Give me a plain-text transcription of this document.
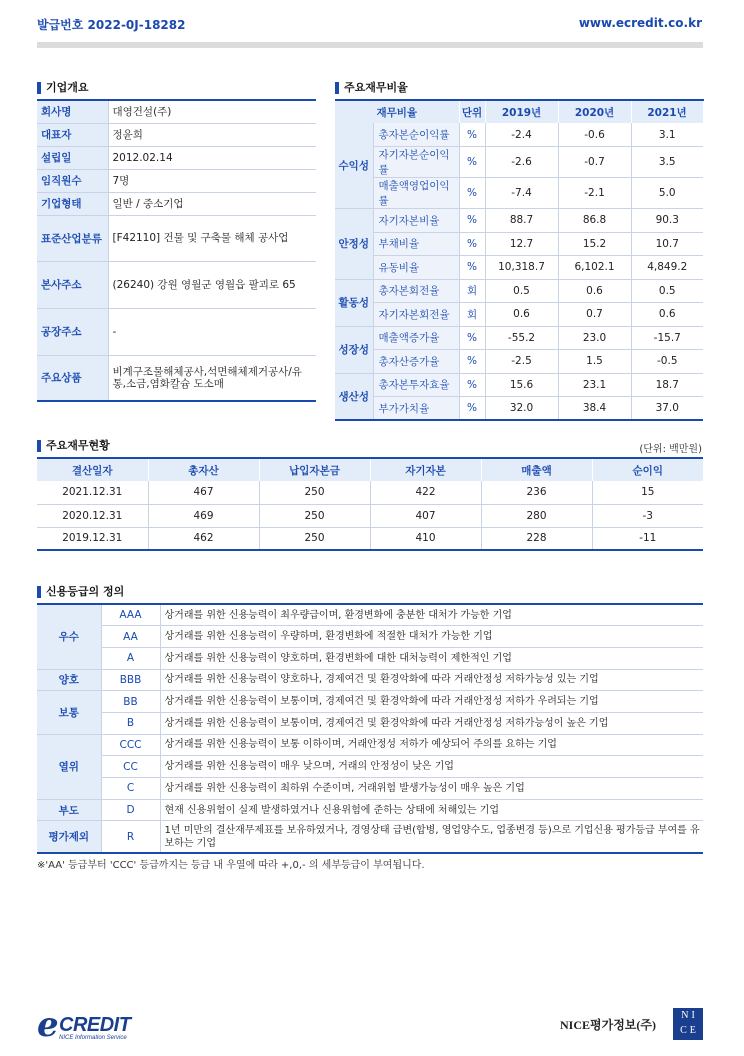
발급번호 2022-0J-18282	www.ecredit.co.kr
기업개요
회사명	대영건설(주)
대표자	정윤희
설립일	2012.02.14
임직원수	7명
기업형태	일반 / 중소기업
표준산업분류	[F42110] 건물 및 구축물 해체 공사업
본사주소	(26240) 강원 영월군 영월읍 팔괴로 65
공장주소	-
주요상품	비계구조물해체공사,석면해체제거공사/유통,소금,염화칼슘 도소매
주요재무비율
재무비율		단위	2019년	2020년	2021년
수익성	총자본순이익률	%	-2.4	-0.6	3.1
	자기자본순이익률	%	-2.6	-0.7	3.5
	매출액영업이익률	%	-7.4	-2.1	5.0
안정성	자기자본비율	%	88.7	86.8	90.3
	부채비율	%	12.7	15.2	10.7
	유동비율	%	10,318.7	6,102.1	4,849.2
활동성	총자본회전율	회	0.5	0.6	0.5
	자기자본회전율	회	0.6	0.7	0.6
성장성	매출액증가율	%	-55.2	23.0	-15.7
	총자산증가율	%	-2.5	1.5	-0.5
생산성	총자본투자효율	%	15.6	23.1	18.7
	부가가치율	%	32.0	38.4	37.0
주요재무현황	(단위: 백만원)
결산일자	총자산	납입자본금	자기자본	매출액	순이익
2021.12.31	467	250	422	236	15
2020.12.31	469	250	407	280	-3
2019.12.31	462	250	410	228	-11
신용등급의 정의
우수	AAA	상거래를 위한 신용능력이 최우량급이며, 환경변화에 충분한 대처가 가능한 기업
	AA	상거래를 위한 신용능력이 우량하며, 환경변화에 적절한 대처가 가능한 기업
	A	상거래를 위한 신용능력이 양호하며, 환경변화에 대한 대처능력이 제한적인 기업
양호	BBB	상거래를 위한 신용능력이 양호하나, 경제여건 및 환경악화에 따라 거래안정성 저하가능성 있는 기업
보통	BB	상거래를 위한 신용능력이 보통이며, 경제여건 및 환경악화에 따라 거래안정성 저하가 우려되는 기업
	B	상거래를 위한 신용능력이 보통이며, 경제여건 및 환경악화에 따라 거래안정성 저하가능성이 높은 기업
열위	CCC	상거래를 위한 신용능력이 보통 이하이며, 거래안정성 저하가 예상되어 주의를 요하는 기업
	CC	상거래를 위한 신용능력이 매우 낮으며, 거래의 안정성이 낮은 기업
	C	상거래를 위한 신용능력이 최하위 수준이며, 거래위험 발생가능성이 매우 높은 기업
부도	D	현재 신용위험이 실제 발생하였거나 신용위험에 준하는 상태에 처해있는 기업
평가제외	R	1년 미만의 결산재무제표를 보유하였거나, 경영상태 급변(합병, 영업양수도, 업종변경 등)으로 기업신용 평가등급 부여를 유보하는 기업
※'AA' 등급부터 'CCC' 등급까지는 등급 내 우열에 따라 +,0,- 의 세부등급이 부여됩니다.
e CREDIT
NICE Information Service
NICE평가정보(주)
N I
C E
